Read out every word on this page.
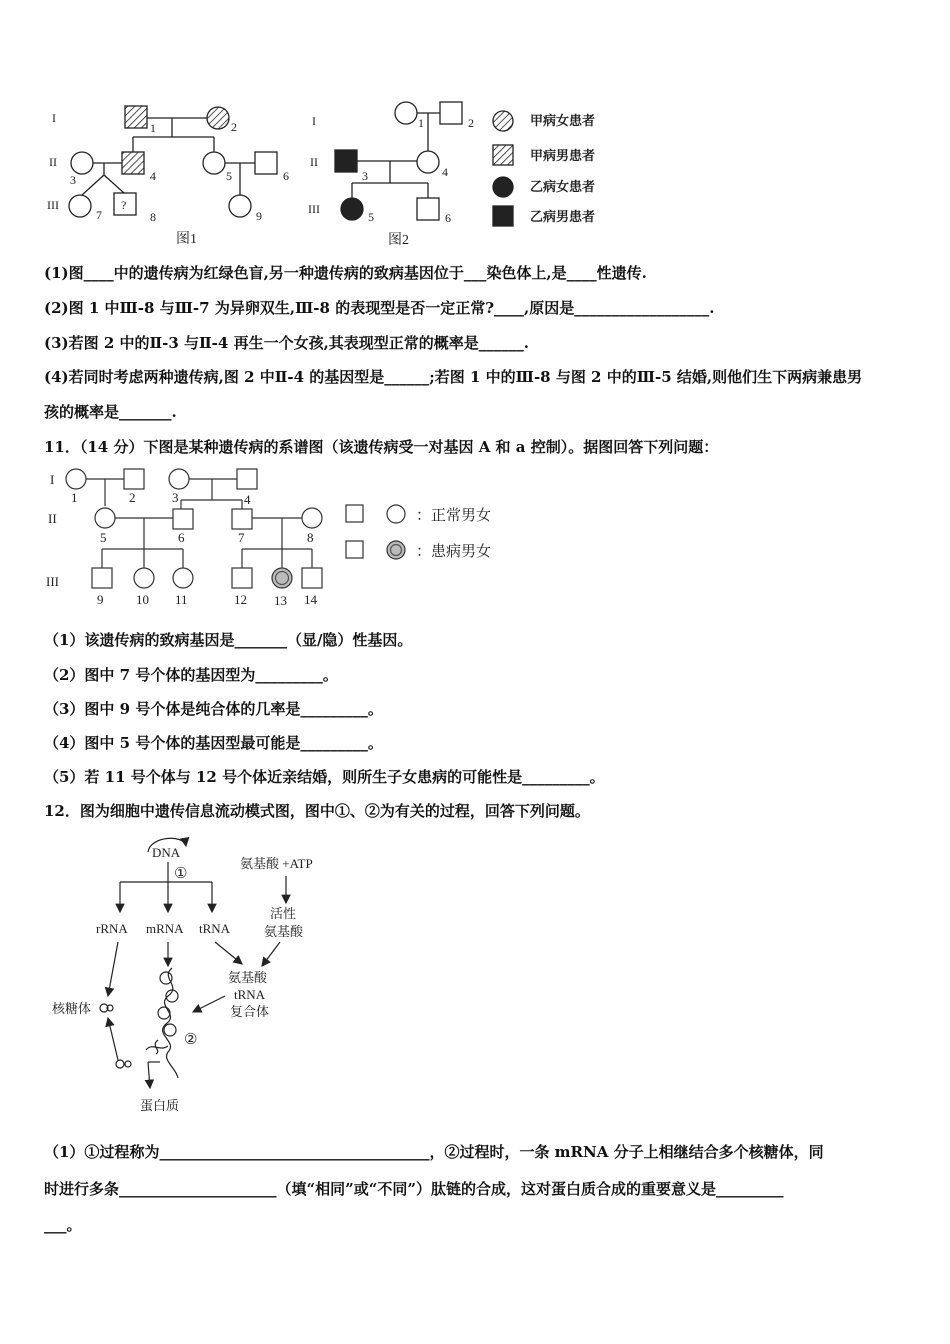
I
II
III
1	2
3	4	5	6
7	8	9
?
图1
I
II
III
1	2
3	4
5	6
图2
甲病女患者
甲病男患者
乙病女患者
乙病男患者
(1)图____中的遗传病为红绿色盲,另一种遗传病的致病基因位于___染色体上,是____性遗传.
(2)图 1 中Ⅲ-8 与Ⅲ-7 为异卵双生,Ⅲ-8 的表现型是否一定正常?____,原因是__________________.
(3)若图 2 中的Ⅱ-3 与Ⅱ-4 再生一个女孩,其表现型正常的概率是______.
(4)若同时考虑两种遗传病,图 2 中Ⅱ-4 的基因型是______;若图 1 中的Ⅲ-8 与图 2 中的Ⅲ-5 结婚,则他们生下两病兼患男
孩的概率是_______.
11．（14 分）下图是某种遗传病的系谱图（该遗传病受一对基因 A 和 a 控制）。据图回答下列问题：
I
II
III
1	2	3	4
5	6	7	8
9	10 11	12 13 14
：正常男女
：患病男女
（1）该遗传病的致病基因是_______（显/隐）性基因。
（2）图中 7 号个体的基因型为_________。
（3）图中 9 号个体是纯合体的几率是_________。
（4）图中 5 号个体的基因型最可能是_________。
（5）若 11 号个体与 12 号个体近亲结婚，则所生子女患病的可能性是_________。
12．图为细胞中遗传信息流动模式图，图中①、②为有关的过程，回答下列问题。
DNA
①
氨基酸 +ATP
rRNA mRNA tRNA
活性
氨基酸
氨基酸
tRNA
复合体
核糖体
②
蛋白质
（1）①过程称为____________________________________，②过程时，一条 mRNA 分子上相继结合多个核糖体，同
时进行多条_____________________（填“相同”或“不同”）肽链的合成，这对蛋白质合成的重要意义是_________
___。
